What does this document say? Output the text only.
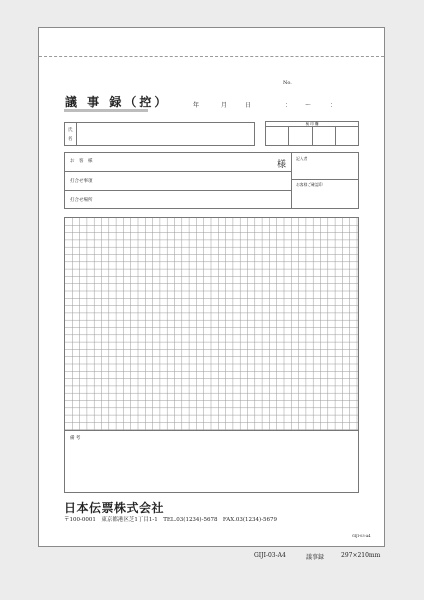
No.
議 事 録（控）	年	月	日	： ～	：
検 印 欄
氏
名
お　客　様	様
打合せ事項
打合せ場所
記入者
お客様ご確認印
備 考
日本伝票株式会社
〒100-0001　東京都港区芝1丁目1-1　TEL.03(1234)-5678　FAX.03(1234)-5679
GIJI-03-A4
GIJI-03-A4	議事録	297×210mm
